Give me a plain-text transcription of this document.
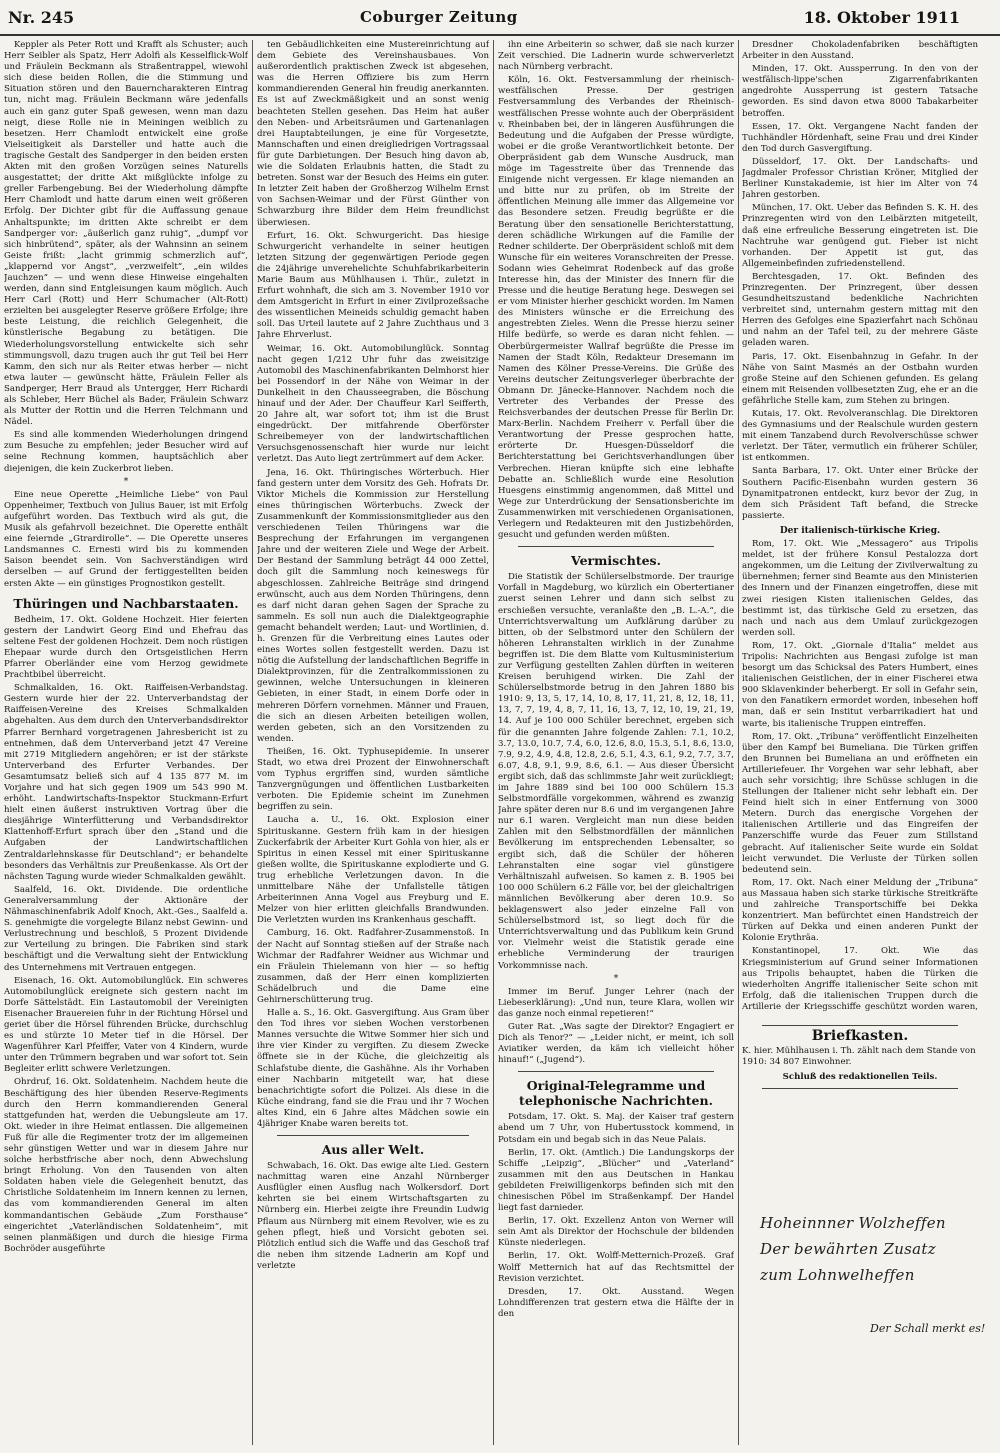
Nr. 245	Coburger Zeitung	18. Oktober 1911

Keppler als Peter Rott und Krafft als Schuster; auch Herr Seibler als Spatz, Herr Adolfi als Kesselflick-Wolf und Fräulein Beckmann als Straßentrappel, wiewohl sich diese beiden Rollen, die die Stimmung und Situation stören und den Bauerncharakteren Eintrag tun, nicht mag. Fräulein Beckmann wäre jedenfalls auch ein ganz guter Spaß gewesen, wenn man dazu neigt, diese Rolle nie in Meiningen weiblich zu besetzen. Herr Chamlodt entwickelt eine große Vielseitigkeit als Darsteller und hatte auch die tragische Gestalt des Sandperger in den beiden ersten Akten mit den großen Vorzügen seines Naturells ausgestattet; der dritte Akt mißglückte infolge zu greller Farbengebung. Bei der Wiederholung dämpfte Herr Chamlodt und hatte darum einen weit größeren Erfolg. Der Dichter gibt für die Auffassung genaue Anhaltspunkte; im dritten Akte schreibt er dem Sandperger vor: „äußerlich ganz ruhig“, „dumpf vor sich hinbrütend“, später, als der Wahnsinn an seinem Geiste frißt: „lacht grimmig schmerzlich auf“, „klappernd vor Angst“, „verzweifelt“, „ein wildes Jauchzen“ — und wenn diese Hinweise eingehalten werden, dann sind Entgleisungen kaum möglich. Auch Herr Carl (Rott) und Herr Schumacher (Alt-Rott) erzielten bei ausgelegter Reserve größere Erfolge; ihre beste Leistung, die reichlich Gelegenheit, die künstlerische Begabung zu betätigen. Die Wiederholungsvorstellung entwickelte sich sehr stimmungsvoll, dazu trugen auch ihr gut Teil bei Herr Kamm, den sich nur als Reiter etwas herber — nicht etwa lauter — gewünscht hätte, Fräulein Feller als Sandperger, Herr Braud als Untergger, Herr Richardi als Schleber, Herr Büchel als Bader, Fräulein Schwarz als Mutter der Rottin und die Herren Telchmann und Nädel.

Es sind alle kommenden Wiederholungen dringend zum Besuche zu empfehlen; jeder Besucher wird auf seine Rechnung kommen, hauptsächlich aber diejenigen, die kein Zuckerbrot lieben.

*

Eine neue Operette „Heimliche Liebe“ von Paul Oppenheimer, Textbuch von Julius Bauer, ist mit Erfolg aufgeführt worden. Das Textbuch wird als gut, die Musik als gefahrvoll bezeichnet. Die Operette enthält eine feiernde „Gtrardirolle“. — Die Operette unseres Landsmannes C. Ernesti wird bis zu kommenden Saison beendet sein. Von Sachverständigen wird derselben — auf Grund der fertiggestellten beiden ersten Akte — ein günstiges Prognostikon gestellt.

Thüringen und Nachbarstaaten.

Bedheim, 17. Okt. Goldene Hochzeit. Hier feierten gestern der Landwirt Georg Eind und Ehefrau das seltene Fest der goldenen Hochzeit. Dem noch rüstigen Ehepaar wurde durch den Ortsgeistlichen Herrn Pfarrer Oberländer eine vom Herzog gewidmete Prachtbibel überreicht.

Schmalkalden, 16. Okt. Raiffeisen-Verbandstag. Gestern wurde hier der 22. Unterverbandstag der Raiffeisen-Vereine des Kreises Schmalkalden abgehalten. Aus dem durch den Unterverbandsdirektor Pfarrer Bernhard vorgetragenen Jahresbericht ist zu entnehmen, daß dem Unterverband jetzt 47 Vereine mit 2719 Mitgliedern angehören; er ist der stärkste Unterverband des Erfurter Verbandes. Der Gesamtumsatz beließ sich auf 4 135 877 M. im Vorjahre und hat sich gegen 1909 um 543 990 M. erhöht. Landwirtschafts-Inspektor Stuckmann-Erfurt hielt einen äußerst instruktiven Vortrag über die diesjährige Winterfütterung und Verbandsdirektor Klattenhoff-Erfurt sprach über den „Stand und die Aufgaben der Landwirtschaftlichen Zentraldarlehnskasse für Deutschland“; er behandelte besonders das Verhältnis zur Preußenkasse. Als Ort der nächsten Tagung wurde wieder Schmalkalden gewählt.

Saalfeld, 16. Okt. Dividende. Die ordentliche Generalversammlung der Aktionäre der Nähmaschinenfabrik Adolf Knoch, Akt.-Ges., Saalfeld a. S. genehmigte die vorgelegte Bilanz nebst Gewinn- und Verlustrechnung und beschloß, 5 Prozent Dividende zur Verteilung zu bringen. Die Fabriken sind stark beschäftigt und die Verwaltung sieht der Entwicklung des Unternehmens mit Vertrauen entgegen.

Eisenach, 16. Okt. Automobilunglück. Ein schweres Automobilunglück ereignete sich gestern nacht im Dorfe Sättelstädt. Ein Lastautomobil der Vereinigten Eisenacher Brauereien fuhr in der Richtung Hörsel und geriet über die Hörsel führenden Brücke, durchschlug es und stürzte 10 Meter tief in die Hörsel. Der Wagenführer Karl Pfeiffer, Vater von 4 Kindern, wurde unter den Trümmern begraben und war sofort tot. Sein Begleiter erlitt schwere Verletzungen.

Ohrdruf, 16. Okt. Soldatenheim. Nachdem heute die Beschäftigung des hier übenden Reserve-Regiments durch den Herrn kommandierenden General stattgefunden hat, werden die Uebungsleute am 17. Okt. wieder in ihre Heimat entlassen. Die allgemeinen Fuß für alle die Regimenter trotz der im allgemeinen sehr günstigen Wetter und war in diesem Jahre nur solche herbstfrische aber noch, denn Abwechslung bringt Erholung. Von den Tausenden von alten Soldaten haben viele die Gelegenheit benutzt, das Christliche Soldatenheim im Innern kennen zu lernen, das vom kommandierenden General im alten kommandantischen Gebäude „Zum Forsthause“ eingerichtet „Vaterländischen Soldatenheim“, mit seinen planmäßigen und durch die hiesige Firma Bochröder ausgeführte

ten Gebäudlichkeiten eine Mustereinrichtung auf dem Gebiete des Vereinshausbaues. Von außerordentlich praktischen Zweck ist abgesehen, was die Herren Offiziere bis zum Herrn kommandierenden General hin freudig anerkannten. Es ist auf Zweckmäßigkeit und an sonst wenig beachteten Stellen gesehen. Das Heim hat außer den Neben- und Arbeitsräumen und Gartenanlagen drei Hauptabteilungen, je eine für Vorgesetzte, Mannschaften und einen dreigliedrigen Vortragssaal für gute Darbietungen. Der Besuch hing davon ab, wie die Soldaten Erlaubnis hatten, die Stadt zu betreten. Sonst war der Besuch des Heims ein guter. In letzter Zeit haben der Großherzog Wilhelm Ernst von Sachsen-Weimar und der Fürst Günther von Schwarzburg ihre Bilder dem Heim freundlichst überwiesen.

Erfurt, 16. Okt. Schwurgericht. Das hiesige Schwurgericht verhandelte in seiner heutigen letzten Sitzung der gegenwärtigen Periode gegen die 24jährige unverehelichte Schuhfabrikarbeiterin Marie Baum aus Mühlhausen i. Thür., zuletzt in Erfurt wohnhaft, die sich am 3. November 1910 vor dem Amtsgericht in Erfurt in einer Zivilprozeßsache des wissentlichen Meineids schuldig gemacht haben soll. Das Urteil lautete auf 2 Jahre Zuchthaus und 3 Jahre Ehrverlust.

Weimar, 16. Okt. Automobilunglück. Sonntag nacht gegen 1/212 Uhr fuhr das zweisitzige Automobil des Maschinenfabrikanten Delmhorst hier bei Possendorf in der Nähe von Weimar in der Dunkelheit in den Chausseegraben, die Böschung hinauf und der Ader. Der Chauffeur Karl Seifferth, 20 Jahre alt, war sofort tot; ihm ist die Brust eingedrückt. Der mitfahrende Oberförster Schreibemeyer von der landwirtschaftlichen Versuchsgenossenschaft hier wurde nur leicht verletzt. Das Auto liegt zertrümmert auf dem Acker.

Jena, 16. Okt. Thüringisches Wörterbuch. Hier fand gestern unter dem Vorsitz des Geh. Hofrats Dr. Viktor Michels die Kommission zur Herstellung eines thüringischen Wörterbuchs. Zweck der Zusammenkunft der Kommissionsmitglieder aus den verschiedenen Teilen Thüringens war die Besprechung der Erfahrungen im vergangenen Jahre und der weiteren Ziele und Wege der Arbeit. Der Bestand der Sammlung beträgt 44 000 Zettel, doch gilt die Sammlung noch keineswegs für abgeschlossen. Zahlreiche Beiträge sind dringend erwünscht, auch aus dem Norden Thüringens, denn es darf nicht daran gehen Sagen der Sprache zu sammeln. Es soll nun auch die Dialektgeographie gemacht behandelt werden; Laut- und Wortlinien, d. h. Grenzen für die Verbreitung eines Lautes oder eines Wortes sollen festgestellt werden. Dazu ist nötig die Aufstellung der landschaftlichen Begriffe in Dialektprovinzen, für die Zentralkommissionen zu gewinnen, welche Untersuchungen in kleineren Gebieten, in einer Stadt, in einem Dorfe oder in mehreren Dörfern vornehmen. Männer und Frauen, die sich an diesen Arbeiten beteiligen wollen, werden gebeten, sich an den Vorsitzenden zu wenden.

Theißen, 16. Okt. Typhusepidemie. In unserer Stadt, wo etwa drei Prozent der Einwohnerschaft vom Typhus ergriffen sind, wurden sämtliche Tanzvergnügungen und öffentlichen Lustbarkeiten verboten. Die Epidemie scheint im Zunehmen begriffen zu sein.

Laucha a. U., 16. Okt. Explosion einer Spirituskanne. Gestern früh kam in der hiesigen Zuckerfabrik der Arbeiter Kurt Gohla von hier, als er Spiritus in einen Kessel mit einer Spirituskanne gießen wollte, die Spirituskanne explodierte und G. trug erhebliche Verletzungen davon. In die unmittelbare Nähe der Unfallstelle tätigen Arbeiterinnen Anna Vogel aus Freyburg und E. Melzer von hier erlitten gleichfalls Brandwunden. Die Verletzten wurden ins Krankenhaus geschafft.

Camburg, 16. Okt. Radfahrer-Zusammenstoß. In der Nacht auf Sonntag stießen auf der Straße nach Wichmar der Radfahrer Weidner aus Wichmar und ein Fräulein Thielemann von hier — so heftig zusammen, daß der Herr einen komplizierten Schädelbruch und die Dame eine Gehirnerschütterung trug.

Halle a. S., 16. Okt. Gasvergiftung. Aus Gram über den Tod ihres vor sieben Wochen verstorbenen Mannes versuchte die Witwe Sommer hier sich und ihre vier Kinder zu vergiften. Zu diesem Zwecke öffnete sie in der Küche, die gleichzeitig als Schlafstube diente, die Gashähne. Als ihr Vorhaben einer Nachbarin mitgeteilt war, hat diese benachrichtigte sofort die Polizei. Als diese in die Küche eindrang, fand sie die Frau und ihr 7 Wochen altes Kind, ein 6 Jahre altes Mädchen sowie ein 4jähriger Knabe waren bereits tot.

Aus aller Welt.

Schwabach, 16. Okt. Das ewige alte Lied. Gestern nachmittag waren eine Anzahl Nürnberger Ausflügler einen Ausflug nach Wolkersdorf. Dort kehrten sie bei einem Wirtschaftsgarten zu Nürnberg ein. Hierbei zeigte ihre Freundin Ludwig Pflaum aus Nürnberg mit einem Revolver, wie es zu gehen pflegt, hieß und Vorsicht geboten sei. Plötzlich entlud sich die Waffe und das Geschoß traf die neben ihm sitzende Ladnerin am Kopf und verletzte

ihn eine Arbeiterin so schwer, daß sie nach kurzer Zeit verschied. Die Ladnerin wurde schwerverletzt nach Nürnberg verbracht.

Köln, 16. Okt. Festversammlung der rheinisch-westfälischen Presse. Der gestrigen Festversammlung des Verbandes der Rheinisch-westfälischen Presse wohnte auch der Oberpräsident v. Rheinbaben bei, der in längeren Ausführungen die Bedeutung und die Aufgaben der Presse würdigte, wobei er die große Verantwortlichkeit betonte. Der Oberpräsident gab dem Wunsche Ausdruck, man möge im Tagesstreite über das Trennende das Einigende nicht vergessen. Er klage niemanden an und bitte nur zu prüfen, ob im Streite der öffentlichen Meinung alle immer das Allgemeine vor das Besondere setzen. Freudig begrüßte er die Beratung über den sensationelle Berichterstattung, deren schädliche Wirkungen auf die Familie der Redner schilderte. Der Oberpräsident schloß mit dem Wunsche für ein weiteres Voranschreiten der Presse. Sodann wies Geheimrat Rodenbeck auf das große Interesse hin, das der Minister des Innern für die Presse und die heutige Beratung hege. Deswegen sei er vom Minister hierher geschickt worden. Im Namen des Ministers wünsche er die Erreichung des angestrebten Zieles. Wenn die Presse hierzu seiner Hilfe bedürfe, so werde es daran nicht fehlen. — Oberbürgermeister Wallraf begrüßte die Presse im Namen der Stadt Köln, Redakteur Dresemann im Namen des Kölner Presse-Vereins. Die Grüße des Vereins deutscher Zeitungsverleger überbrachte der Obmann Dr. Jänecke-Hannover. Nachdem noch die Vertreter des Verbandes der Presse des Reichsverbandes der deutschen Presse für Berlin Dr. Marx-Berlin. Nachdem Freiherr v. Perfall über die Verantwortung der Presse gesprochen hatte, erörterte Dr. Huesgen-Düsseldorf die Berichterstattung bei Gerichtsverhandlungen über Verbrechen. Hieran knüpfte sich eine lebhafte Debatte an. Schließlich wurde eine Resolution Huesgens einstimmig angenommen, daß Mittel und Wege zur Unterdrückung der Sensationsberichte im Zusammenwirken mit verschiedenen Organisationen, Verlegern und Redakteuren mit den Justizbehörden, gesucht und gefunden werden müßten.

Vermischtes.

Die Statistik der Schülerselbstmorde. Der traurige Vorfall in Magdeburg, wo kürzlich ein Obertertianer zuerst seinen Lehrer und dann sich selbst zu erschießen versuchte, veranlaßte den „B. L.-A.“, die Unterrichtsverwaltung um Aufklärung darüber zu bitten, ob der Selbstmord unter den Schülern der höheren Lehranstalten wirklich in der Zunahme begriffen ist. Die dem Blatte vom Kultusministerium zur Verfügung gestellten Zahlen dürften in weiteren Kreisen beruhigend wirken. Die Zahl der Schülerselbstmorde betrug in den Jahren 1880 bis 1910: 9, 13, 5, 17, 14, 10, 8, 17, 11, 21, 8, 12, 18, 11, 13, 7, 7, 19, 4, 8, 7, 11, 16, 13, 7, 12, 10, 19, 21, 19, 14. Auf je 100 000 Schüler berechnet, ergeben sich für die genannten Jahre folgende Zahlen: 7.1, 10.2, 3.7, 13.0, 10.7, 7.4, 6.0, 12.6, 8.0, 15.3, 5.1, 8.6, 13.0, 7.9, 9.2, 4.9, 4.8, 12.8, 2.6, 5.1, 4.3, 6.1, 9.2, 7.7, 3.7, 6.07, 4.8, 9.1, 9.9, 8.6, 6.1. — Aus dieser Übersicht ergibt sich, daß das schlimmste Jahr weit zurückliegt; im Jahre 1889 sind bei 100 000 Schülern 15.3 Selbstmordfälle vorgekommen, während es zwanzig Jahre später deren nur 8.6 und im vergangenen Jahre nur 6.1 waren. Vergleicht man nun diese beiden Zahlen mit den Selbstmordfällen der männlichen Bevölkerung im entsprechenden Lebensalter, so ergibt sich, daß die Schüler der höheren Lehranstalten eine sogar viel günstigere Verhältniszahl aufweisen. So kamen z. B. 1905 bei 100 000 Schülern 6.2 Fälle vor, bei der gleichaltrigen männlichen Bevölkerung aber deren 10.9. So beklagenswert also jeder einzelne Fall von Schülerselbstmord ist, so liegt doch für die Unterrichtsverwaltung und das Publikum kein Grund vor. Vielmehr weist die Statistik gerade eine erhebliche Verminderung der traurigen Vorkommnisse nach.

*

Immer im Beruf. Junger Lehrer (nach der Liebeserklärung): „Und nun, teure Klara, wollen wir das ganze noch einmal repetieren!“

Guter Rat. „Was sagte der Direktor? Engagiert er Dich als Tenor?“ — „Leider nicht, er meint, ich soll Aviatiker werden, da käm ich vielleicht höher hinauf!“ („Jugend“).

Original-Telegramme und telephonische Nachrichten.

Potsdam, 17. Okt. S. Maj. der Kaiser traf gestern abend um 7 Uhr, von Hubertusstock kommend, in Potsdam ein und begab sich in das Neue Palais.

Berlin, 17. Okt. (Amtlich.) Die Landungskorps der Schiffe „Leipzig“, „Blücher“ und „Vaterland“ zusammen mit den aus Deutschen in Hankau gebildeten Freiwilligenkorps befinden sich mit den chinesischen Pöbel im Straßenkampf. Der Handel liegt fast darnieder.

Berlin, 17. Okt. Exzellenz Anton von Werner will sein Amt als Direktor der Hochschule der bildenden Künste niederlegen.

Berlin, 17. Okt. Wolff-Metternich-Prozeß. Graf Wolff Metternich hat auf das Rechtsmittel der Revision verzichtet.

Dresden, 17. Okt. Ausstand. Wegen Lohndifferenzen trat gestern etwa die Hälfte der in den

Dresdner Chokoladenfabriken beschäftigten Arbeiter in den Ausstand.

Minden, 17. Okt. Aussperrung. In den von der westfälisch-lippe'schen Zigarrenfabrikanten angedrohte Aussperrung ist gestern Tatsache geworden. Es sind davon etwa 8000 Tabakarbeiter betroffen.

Essen, 17. Okt. Vergangene Nacht fanden der Tuchhändler Hördenhaft, seine Frau und drei Kinder den Tod durch Gasvergiftung.

Düsseldorf, 17. Okt. Der Landschafts- und Jagdmaler Professor Christian Kröner, Mitglied der Berliner Kunstakademie, ist hier im Alter von 74 Jahren gestorben.

München, 17. Okt. Ueber das Befinden S. K. H. des Prinzregenten wird von den Leibärzten mitgeteilt, daß eine erfreuliche Besserung eingetreten ist. Die Nachtruhe war genügend gut. Fieber ist nicht vorhanden. Der Appetit ist gut, das Allgemeinbefinden zufriedenstellend.

Berchtesgaden, 17. Okt. Befinden des Prinzregenten. Der Prinzregent, über dessen Gesundheitszustand bedenkliche Nachrichten verbreitet sind, unternahm gestern mittag mit den Herren des Gefolges eine Spazierfahrt nach Schönau und nahm an der Tafel teil, zu der mehrere Gäste geladen waren.

Paris, 17. Okt. Eisenbahnzug in Gefahr. In der Nähe von Saint Masmés an der Ostbahn wurden große Steine auf den Schienen gefunden. Es gelang einem mit Reisenden vollbesetzten Zug, ehe er an die gefährliche Stelle kam, zum Stehen zu bringen.

Kutais, 17. Okt. Revolveranschlag. Die Direktoren des Gymnasiums und der Realschule wurden gestern mit einem Tanzabend durch Revolverschüsse schwer verletzt. Der Täter, vermutlich ein früherer Schüler, ist entkommen.

Santa Barbara, 17. Okt. Unter einer Brücke der Southern Pacific-Eisenbahn wurden gestern 36 Dynamitpatronen entdeckt, kurz bevor der Zug, in dem sich Präsident Taft befand, die Strecke passierte.

Der italienisch-türkische Krieg.

Rom, 17. Okt. Wie „Messagero“ aus Tripolis meldet, ist der frühere Konsul Pestalozza dort angekommen, um die Leitung der Zivilverwaltung zu übernehmen; ferner sind Beamte aus den Ministerien des Innern und der Finanzen eingetroffen, diese mit zwei riesigen Kisten italienischen Geldes, das bestimmt ist, das türkische Geld zu ersetzen, das nach und nach aus dem Umlauf zurückgezogen werden soll.

Rom, 17. Okt. „Giornale d'Italia“ meldet aus Tripolis: Nachrichten aus Bengasi zufolge ist man besorgt um das Schicksal des Paters Humbert, eines italienischen Geistlichen, der in einer Fischerei etwa 900 Sklavenkinder beherbergt. Er soll in Gefahr sein, von den Fanatikern ermordet worden, inbesehen hoff man, daß er sein Institut verbarrikadiert hat und warte, bis italienische Truppen eintreffen.

Rom, 17. Okt. „Tribuna“ veröffentlicht Einzelheiten über den Kampf bei Bumeliana. Die Türken griffen den Brunnen bei Bumeliana an und eröffneten ein Artilleriefeuer. Ihr Vorgehen war sehr lebhaft, aber auch sehr vorsichtig; ihre Schüsse schlugen in die Stellungen der Italiener nicht sehr lebhaft ein. Der Feind hielt sich in einer Entfernung von 3000 Metern. Durch das energische Vorgehen der italienischen Artillerie und das Eingreifen der Panzerschiffe wurde das Feuer zum Stillstand gebracht. Auf italienischer Seite wurde ein Soldat leicht verwundet. Die Verluste der Türken sollen bedeutend sein.

Rom, 17. Okt. Nach einer Meldung der „Tribuna“ aus Massaua haben sich starke türkische Streitkräfte und zahlreiche Transportschiffe bei Dekka konzentriert. Man befürchtet einen Handstreich der Türken auf Dekka und einen anderen Punkt der Kolonie Erythräa.

Konstantinopel, 17. Okt. Wie das Kriegsministerium auf Grund seiner Informationen aus Tripolis behauptet, haben die Türken die wiederholten Angriffe italienischer Seite schon mit Erfolg, daß die italienischen Truppen durch die Artillerie der Kriegsschiffe geschützt worden waren,

Briefkasten.
K. hier. Mühlhausen i. Th. zählt nach dem Stande von 1910: 34 807 Einwohner.
Schluß des redaktionellen Teils.
Hoheinnner Wolzheffen
Der bewährten Zusatz
zum Lohnwelheffen
Der Schall merkt es!
